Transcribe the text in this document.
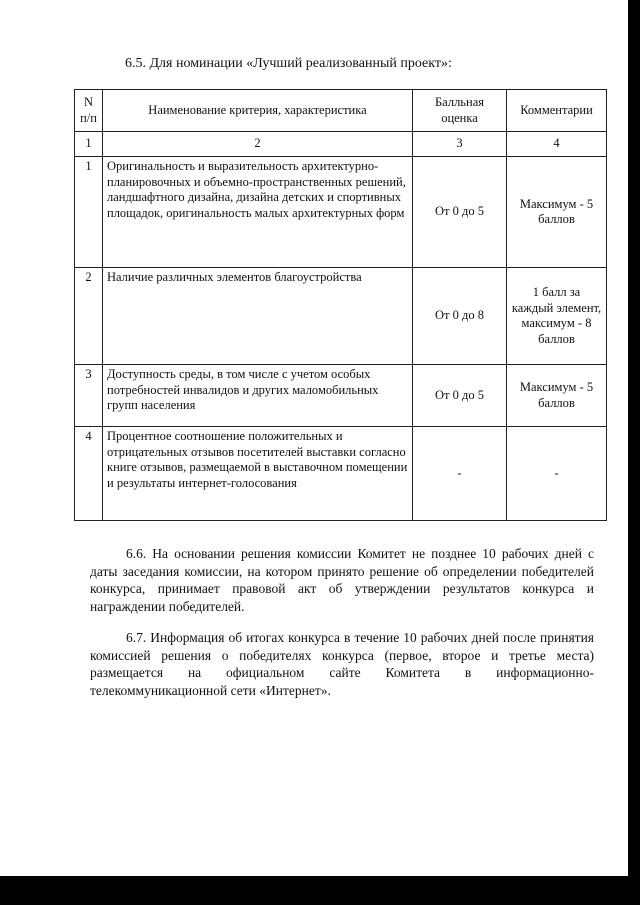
6.5. Для номинации «Лучший реализованный проект»:
N п/п	Наименование критерия, характеристика	Балльная оценка	Комментарии
1	2	3	4
1	Оригинальность и выразительность архитектурно-планировочных и объемно-пространственных решений, ландшафтного дизайна, дизайна детских и спортивных площадок, оригинальность малых архитектурных форм	От 0 до 5	Максимум - 5 баллов
2	Наличие различных элементов благоустройства	От 0 до 8	1 балл за каждый элемент, максимум - 8 баллов
3	Доступность среды, в том числе с учетом особых потребностей инвалидов и других маломобильных групп населения	От 0 до 5	Максимум - 5 баллов
4	Процентное соотношение положительных и отрицательных отзывов посетителей выставки согласно книге отзывов, размещаемой в выставочном помещении и результаты интернет-голосования	-	-

6.6. На основании решения комиссии Комитет не позднее 10 рабочих дней с даты заседания комиссии, на котором принято решение об определении победителей конкурса, принимает правовой акт об утверждении результатов конкурса и награждении победителей.

6.7. Информация об итогах конкурса в течение 10 рабочих дней после принятия комиссией решения о победителях конкурса (первое, второе и третье места) размещается на официальном сайте Комитета в информационно-телекоммуникационной сети «Интернет».
